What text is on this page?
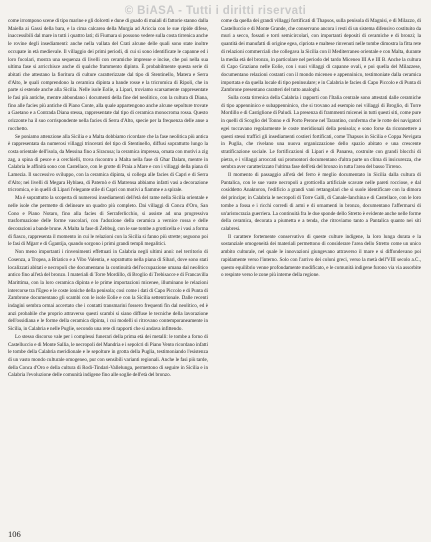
© BiASA - Tutti i diritti riservati

come irrompono scene di tipo marine e gli dolcetti e dune di guado di maiali di fattorie stanno dalla Maiella ai Gassi della bara, e la cima calcarea della Murgia ad Ariccia con le sue ripide difese, inaccessibili dal mare in tutti i quattro lati; di Fiumara si possono vedere sulla costa tirrenica anche le rovine degli insediamenti: anche nella vallata del Crati alcune delle quali sono state inoltre occupate in età medievale. Il villaggio dei primi periodi, di cui si sono identificate le capanne ed i loro focolari, mostra una sequenza di livelli con ceramiche impresse e incise, che poi nella sua ultima fase si arricchisce anche di qualche frammento dipinto. È probabilmente questa serie di abitati che attestano la fioritura di culture caratterizzate dal tipo di Stentinello, Matera e Serra d'Alto, le quali comprendono la ceramica dipinta a bande rosse e la tricromica di Ripoli, che in parte si estende anche alla Sicilia. Nelle isole Eolie, a Lipari, troviamo scarsamente rappresentate le fasi più antiche, mentre abbondano i documenti della fine del neolitico, con la cultura di Diana, fino alle facies più antiche di Piano Conte, alla quale appartengono anche alcune sepolture trovate a Gaetano e a Contrada Diana stessa, rappresentate dal tipo di ceramica monocroma rossa. Questo orizzonte ha il suo corrispondente nella facies di Serra d'Alto, specie per la frequenza delle anse a rocchetto.

Se poniamo attenzione alla Sicilia e a Malta dobbiamo ricordare che la fase neolitica più antica è rappresentata da numerosi villaggi trincerati del tipo di Stentinello, diffusi soprattutto lungo la costa orientale dell'isola, da Messina fino a Siracusa; la ceramica impressa, ornata con motivi a zig zag, a spina di pesce e a cerchielli, trova riscontro a Malta nella fase di Għar Dalam, mentre in Calabria le affinità sono con Castellace, con le grotte di Praia a Mare e con i villaggi della piana di Lamezia. Il successivo sviluppo, con la ceramica dipinta, si collega alle facies di Capri e di Serra d'Alto; nei livelli di Megara Hyblaea, di Paternò e di Matrensa abbiamo infatti vasi a decorazione tricromica, e in quelli di Lipari l'elegante stile di Capri con motivi a fiamme e a spirale.

Ma è soprattutto la scoperta di numerosi insediamenti dell'età del rame nella Sicilia orientale e nelle isole che permette di delineare un quadro più completo. Dai villaggi di Conca d'Oro, San Cono e Piano Notaro, fino alla facies di Serraferlicchio, si assiste ad una progressiva trasformazione delle forme vascolari, con l'adozione della ceramica a vernice rossa e delle decorazioni a bande brune. A Malta la fase di Żebbuġ, con le sue tombe a grotticella e i vasi a forma di fiasco, rappresenta il momento in cui le relazioni con la Sicilia si fanno più strette; seguono poi le fasi di Mġarr e di Ġgantija, quando sorgono i primi grandi templi megalitici.

Non meno importanti i rinvenimenti effettuati in Calabria negli ultimi anni: nel territorio di Cosenza, a Tropea, a Briatico e a Vibo Valentia, e soprattutto nella piana di Sibari, dove sono stati localizzati abitati e necropoli che documentano la continuità dell'occupazione umana dal neolitico antico fino all'età del bronzo. I materiali di Torre Mordillo, di Broglio di Trebisacce e di Francavilla Marittima, con la loro ceramica dipinta e le prime importazioni micenee, illuminano le relazioni intercorse tra l'Egeo e le coste ioniche della penisola; così come i dati di Capo Piccolo e di Punta di Zambrone documentano gli scambi con le isole Eolie e con la Sicilia settentrionale. Dalle recenti indagini sembra ormai accertato che i contatti transmarini fossero frequenti fin dal neolitico, ed è anzi probabile che proprio attraverso questi scambi si siano diffuse le tecniche della lavorazione dell'ossidiana e le forme della ceramica dipinta, i cui modelli si ritrovano contemporaneamente in Sicilia, in Calabria e nelle Puglie, secondo una rete di rapporti che si andava infittendo.

Lo stesso discorso vale per i complessi funerari della prima età dei metalli: le tombe a forno di Castelluccio e di Monte Sallia, le necropoli del Mandria e i sepolcri di Piano Vento ricordano infatti le tombe della Calabria meridionale e le sepolture in grotta della Puglia, testimoniando l'esistenza di un vasto mondo culturale omogeneo, pur con sensibili varianti regionali. Anche le fasi più tarde, della Conca d'Oro e della cultura di Rodì-Tindari-Vallelunga, permettono di seguire in Sicilia e in Calabria l'evoluzione delle comunità indigene fino alle soglie dell'età del bronzo.

come da quella dei grandi villaggi fortificati di Thapsos, sulla penisola di Magnisi, e di Milazzo, di Castelluccio e di Monte Grande, che conservano ancora i resti di un sistema difensivo costituito da muri a secco, fossati e torri semicircolari, con importanti depositi di ceramiche e di bronzi; la quantità dei manufatti di origine egea, cipriota e maltese rinvenuti nelle tombe dimostra la fitta rete di relazioni commerciali che collegava la Sicilia con il Mediterraneo orientale e con Malta, durante la media età del bronzo, in particolare nel periodo del tardo Miceneo III A e III B. Anche la cultura di Capo Graziano nelle Eolie, con i suoi villaggi di capanne ovali, e poi quella del Milazzese, documentano relazioni costanti con il mondo miceneo e appenninico, testimoniate dalla ceramica importata e da quella locale di tipo peninsulare; e in Calabria le facies di Capo Piccolo e di Punta di Zambrone presentano caratteri del tutto analoghi.

Sulla costa tirrenica della Calabria i rapporti con l'Italia centrale sono attestati dalle ceramiche di tipo appenninico e subappenninico, che si trovano ad esempio nei villaggi di Broglio, di Torre Mordillo e di Castiglione di Paludi. La presenza di frammenti micenei in tutti questi siti, come pure in quelli di Scoglio del Tonno e di Porto Perone nel Tarantino, conferma che le rotte dei navigatori egei toccavano regolarmente le coste meridionali della penisola; e sono forse da riconnettere a questi stessi traffici gli insediamenti costieri fortificati, come Thapsos in Sicilia e Coppa Nevigata in Puglia, che rivelano una nuova organizzazione dello spazio abitato e una crescente stratificazione sociale. Le fortificazioni di Lipari e di Panarea, costruite con grandi blocchi di pietra, e i villaggi arroccati sui promontori documentano d'altra parte un clima di insicurezza, che sembra aver caratterizzato l'ultima fase dell'età del bronzo in tutta l'area del basso Tirreno.

Il momento di passaggio all'età del ferro è meglio documentato in Sicilia dalla cultura di Pantalica, con le sue vaste necropoli a grotticella artificiale scavate nelle pareti rocciose, e dal cosiddetto Anaktoron, l'edificio a grandi vani rettangolari che si suole identificare con la dimora del principe; in Calabria le necropoli di Torre Galli, di Canale-Ianchina e di Castellace, con le loro tombe a fossa e i ricchi corredi di armi e di ornamenti in bronzo, documentano l'affermarsi di un'aristocrazia guerriera. La continuità fra le due sponde dello Stretto è evidente anche nelle forme della ceramica, decorata a piumetta e a tenda, che ritroviamo tanto a Pantalica quanto nei siti calabresi.

Il carattere fortemente conservativo di queste culture indigene, la loro lunga durata e la sostanziale omogeneità dei materiali permettono di considerare l'area dello Stretto come un unico ambito culturale, nel quale le innovazioni giungevano attraverso il mare e si diffondevano poi rapidamente verso l'interno. Solo con l'arrivo dei coloni greci, verso la metà dell'VIII secolo a.C., questo equilibrio venne profondamente modificato, e le comunità indigene furono via via assorbite o respinte verso le zone più interne della regione.

106
